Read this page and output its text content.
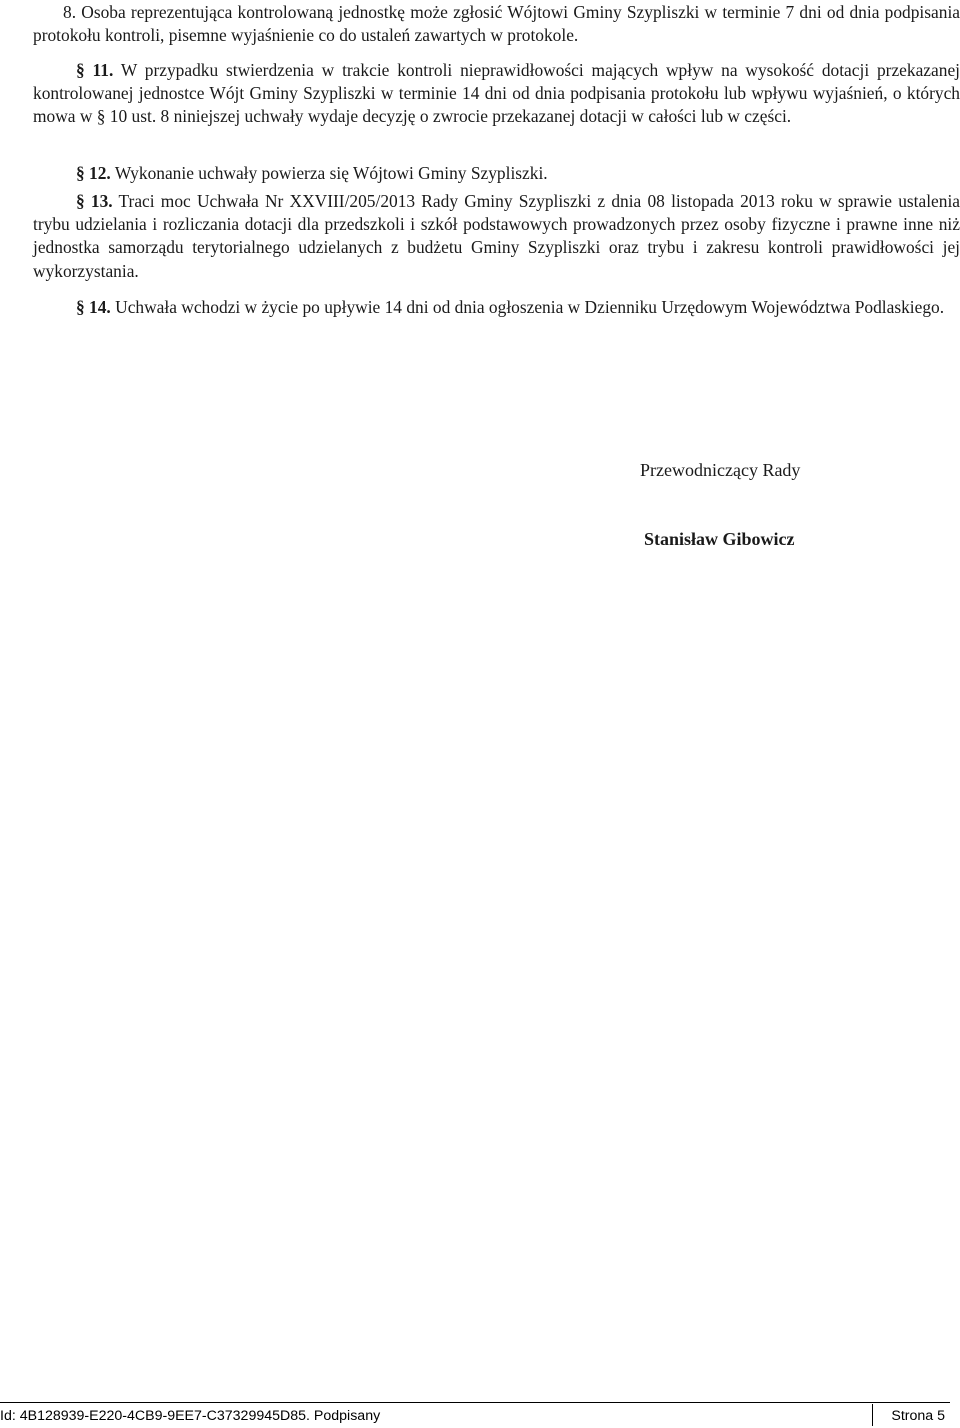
8. Osoba reprezentująca kontrolowaną jednostkę może zgłosić Wójtowi Gminy Szypliszki w terminie 7 dni od dnia podpisania protokołu kontroli, pisemne wyjaśnienie co do ustaleń zawartych w protokole.

§ 11. W przypadku stwierdzenia w trakcie kontroli nieprawidłowości mających wpływ na wysokość dotacji przekazanej kontrolowanej jednostce Wójt Gminy Szypliszki w terminie 14 dni od dnia podpisania protokołu lub wpływu wyjaśnień, o których mowa w § 10 ust. 8 niniejszej uchwały wydaje decyzję o zwrocie przekazanej dotacji w całości lub w części.

§ 12. Wykonanie uchwały powierza się Wójtowi Gminy Szypliszki.

§ 13. Traci moc Uchwała Nr XXVIII/205/2013 Rady Gminy Szypliszki z dnia 08 listopada 2013 roku w sprawie ustalenia trybu udzielania i rozliczania dotacji dla przedszkoli i szkół podstawowych prowadzonych przez osoby fizyczne i prawne inne niż jednostka samorządu terytorialnego udzielanych z budżetu Gminy Szypliszki oraz trybu i zakresu kontroli prawidłowości jej wykorzystania.

§ 14. Uchwała wchodzi w życie po upływie 14 dni od dnia ogłoszenia w Dzienniku Urzędowym Województwa Podlaskiego.

Przewodniczący Rady
Stanisław Gibowicz
Id: 4B128939-E220-4CB9-9EE7-C37329945D85. Podpisany	Strona 5
